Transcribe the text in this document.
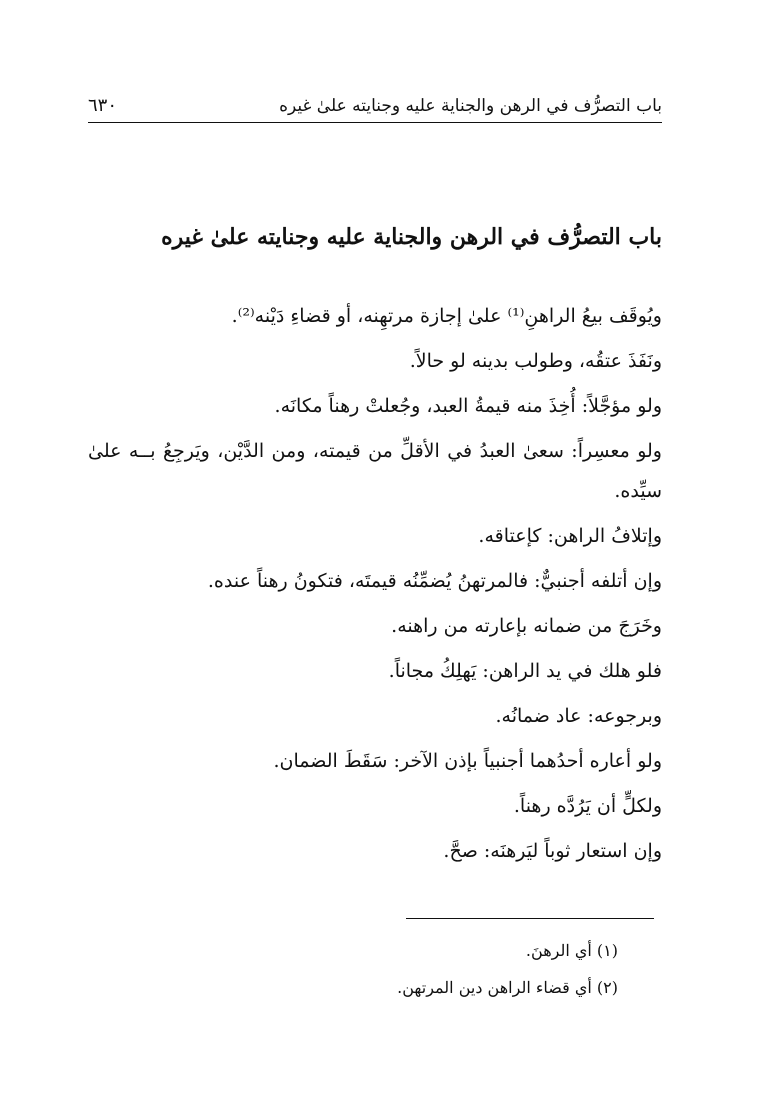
باب التصرُّف في الرهن والجناية عليه وجنايته علىٰ غيره
٦٣٠
باب التصرُّف في الرهن والجناية عليه وجنايته علىٰ غيره

ويُوقَف بيعُ الراهنِ⁽¹⁾ علىٰ إجازة مرتهِنه، أو قضاءِ دَيْنه⁽²⁾.

ونَفَذَ عتقُه، وطولب بدينه لو حالاً.

ولو مؤجَّلاً: أُخِذَ منه قيمةُ العبد، وجُعلتْ رهناً مكانَه.

ولو معسِراً: سعىٰ العبدُ في الأقلِّ من قيمته، ومن الدَّيْن، ويَرجِعُ بــه علىٰ سيِّده.

وإتلافُ الراهن: كإعتاقه.

وإن أتلفه أجنبيٌّ: فالمرتهنُ يُضمِّنُه قيمتَه، فتكونُ رهناً عنده.

وخَرَجَ من ضمانه بإعارته من راهنه.

فلو هلك في يد الراهن: يَهلِكُ مجاناً.

وبرجوعه: عاد ضمانُه.

ولو أعاره أحدُهما أجنبياً بإذن الآخر: سَقَطَ الضمان.

ولكلٍّ أن يَرُدَّه رهناً.

وإن استعار ثوباً ليَرهنَه: صحَّ.

(١) أي الرهنَ.

(٢) أي قضاء الراهن دين المرتهن.
